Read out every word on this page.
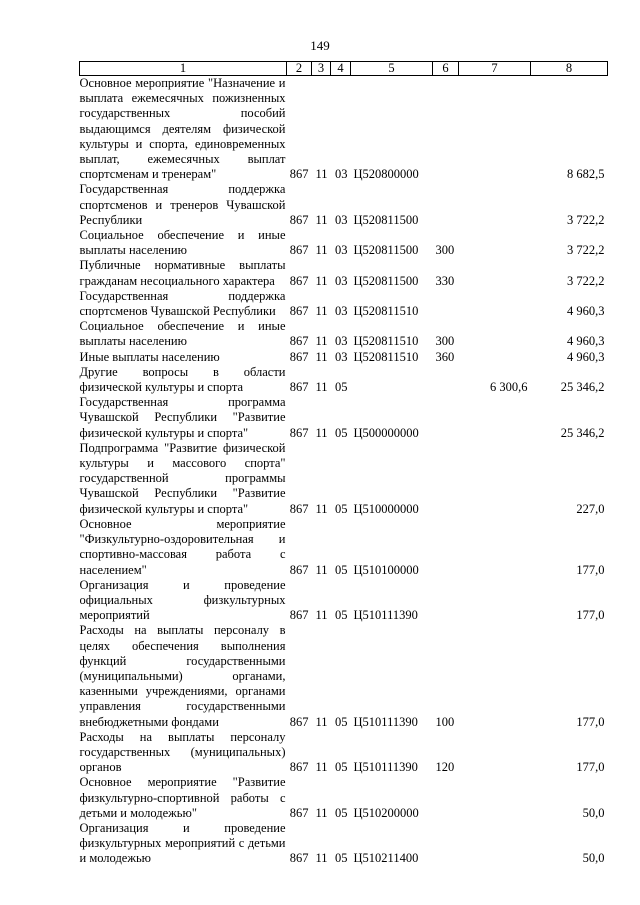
149
1	2	3	4	5	6	7	8
Основное мероприятие "Назначение и выплата ежемесячных пожизненных государственных пособий выдающимся деятелям физической культуры и спорта, единовременных выплат, ежемесячных выплат спортсменам и тренерам"	867	11	03	Ц520800000			8 682,5
Государственная поддержка спортсменов и тренеров Чувашской Республики	867	11	03	Ц520811500			3 722,2
Социальное обеспечение и иные выплаты населению	867	11	03	Ц520811500	300		3 722,2
Публичные нормативные выплаты гражданам несоциального характера	867	11	03	Ц520811500	330		3 722,2
Государственная поддержка спортсменов Чувашской Республики	867	11	03	Ц520811510			4 960,3
Социальное обеспечение и иные выплаты населению	867	11	03	Ц520811510	300		4 960,3
Иные выплаты населению	867	11	03	Ц520811510	360		4 960,3
Другие вопросы в области физической культуры и спорта	867	11	05			6 300,6	25 346,2
Государственная программа Чувашской Республики "Развитие физической культуры и спорта"	867	11	05	Ц500000000			25 346,2
Подпрограмма "Развитие физической культуры и массового спорта" государственной программы Чувашской Республики "Развитие физической культуры и спорта"	867	11	05	Ц510000000			227,0
Основное мероприятие "Физкультурно-оздоровительная и спортивно-массовая работа с населением"	867	11	05	Ц510100000			177,0
Организация и проведение официальных физкультурных мероприятий	867	11	05	Ц510111390			177,0
Расходы на выплаты персоналу в целях обеспечения выполнения функций государственными (муниципальными) органами, казенными учреждениями, органами управления государственными внебюджетными фондами	867	11	05	Ц510111390	100		177,0
Расходы на выплаты персоналу государственных (муниципальных) органов	867	11	05	Ц510111390	120		177,0
Основное мероприятие "Развитие физкультурно-спортивной работы с детьми и молодежью"	867	11	05	Ц510200000			50,0
Организация и проведение физкультурных мероприятий с детьми и молодежью	867	11	05	Ц510211400			50,0
